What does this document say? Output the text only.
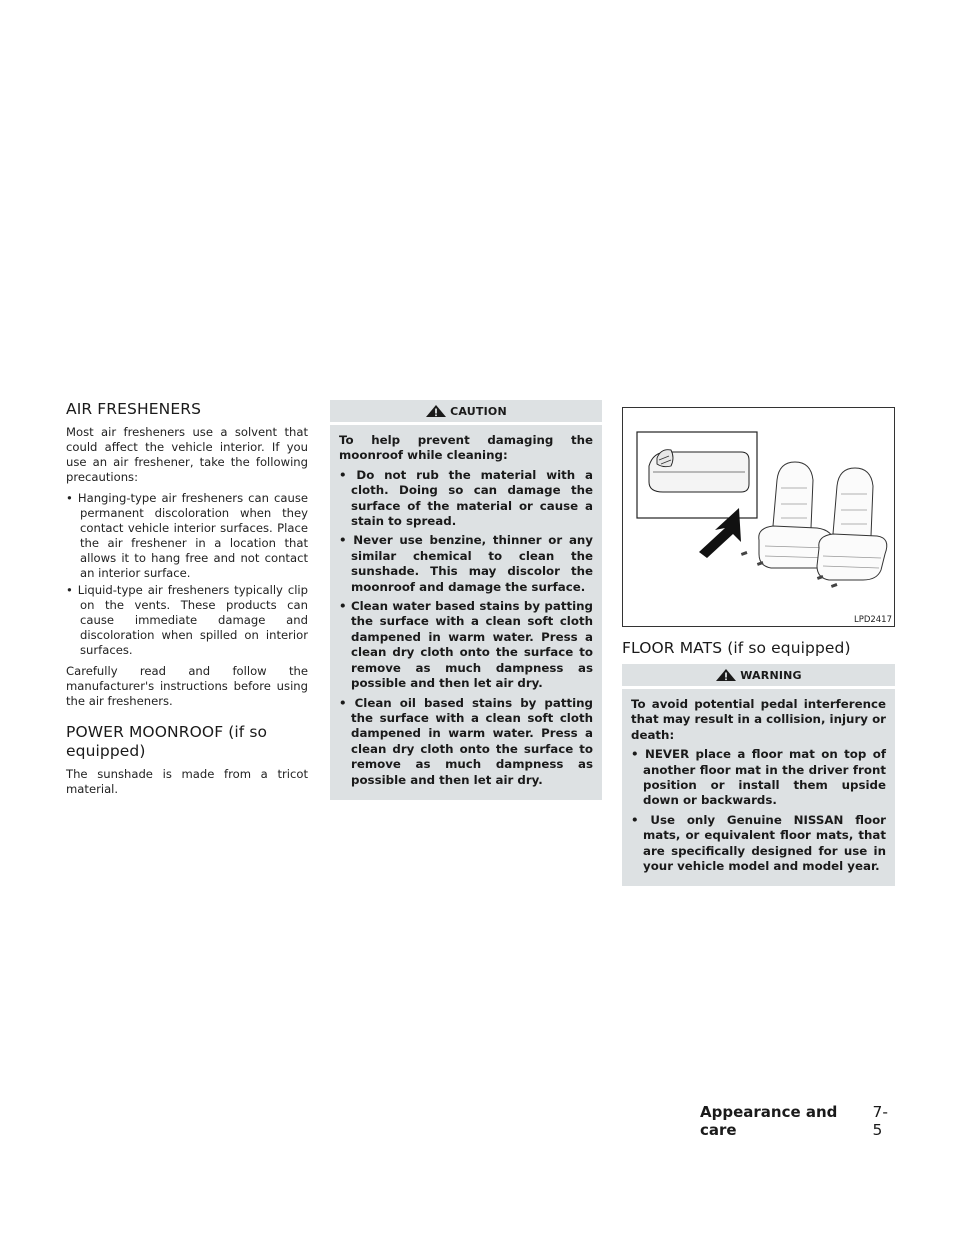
AIR FRESHENERS

Most air fresheners use a solvent that could affect the vehicle interior. If you use an air freshener, take the following precautions:

• Hanging-type air fresheners can cause permanent discoloration when they contact vehicle interior surfaces. Place the air freshener in a location that allows it to hang free and not contact an interior surface.
• Liquid-type air fresheners typically clip on the vents. These products can cause immediate damage and discoloration when spilled on interior surfaces.

Carefully read and follow the manufacturer's instructions before using the air fresheners.

POWER MOONROOF (if so equipped)

The sunshade is made from a tricot material.

CAUTION

To help prevent damaging the moonroof while cleaning:

• Do not rub the material with a cloth. Doing so can damage the surface of the material or cause a stain to spread.
• Never use benzine, thinner or any similar chemical to clean the sunshade. This may discolor the moonroof and damage the surface.
• Clean water based stains by patting the surface with a clean soft cloth dampened in warm water. Press a clean dry cloth onto the surface to remove as much dampness as possible and then let air dry.
• Clean oil based stains by patting the surface with a clean soft cloth dampened in warm water. Press a clean dry cloth onto the surface to remove as much dampness as possible and then let air dry.
LPD2417
FLOOR MATS (if so equipped)
WARNING

To avoid potential pedal interference that may result in a collision, injury or death:

• NEVER place a floor mat on top of another floor mat in the driver front position or install them upside down or backwards.
• Use only Genuine NISSAN floor mats, or equivalent floor mats, that are specifically designed for use in your vehicle model and model year.
Appearance and care
7-5
